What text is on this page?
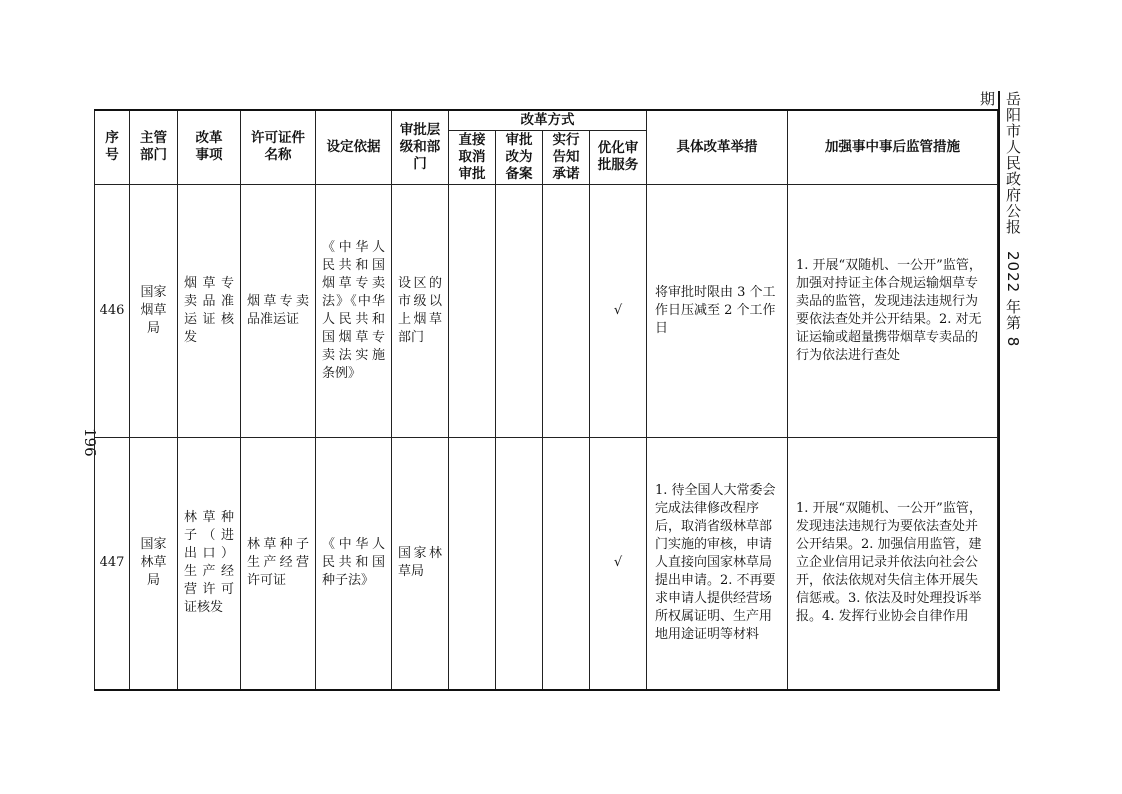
196
岳阳市人民政府公报2022 年第 8 期
序号	主管部门	改革事项	许可证件名称	设定依据	审批层级和部门	改革方式				具体改革举措	加强事中事后监管措施
						直接取消审批	审批改为备案	实行告知承诺	优化审批服务		
446	国家烟草局	烟草专卖品准运证核发	烟草专卖品准运证	《中华人民共和国烟草专卖法》《中华人民共和国烟草专卖法实施条例》	设区的市级以上烟草部门				√	将审批时限由 3 个工作日压减至 2 个工作日	1. 开展“双随机、一公开”监管，加强对持证主体合规运输烟草专卖品的监管，发现违法违规行为要依法查处并公开结果。2. 对无证运输或超量携带烟草专卖品的行为依法进行查处
447	国家林草局	林草种子（进出口）生产经营许可证核发	林草种子生产经营许可证	《中华人民共和国种子法》	国家林草局				√	1. 待全国人大常委会完成法律修改程序后，取消省级林草部门实施的审核，申请人直接向国家林草局提出申请。2. 不再要求申请人提供经营场所权属证明、生产用地用途证明等材料	1. 开展“双随机、一公开”监管，发现违法违规行为要依法查处并公开结果。2. 加强信用监管，建立企业信用记录并依法向社会公开，依法依规对失信主体开展失信惩戒。3. 依法及时处理投诉举报。4. 发挥行业协会自律作用
